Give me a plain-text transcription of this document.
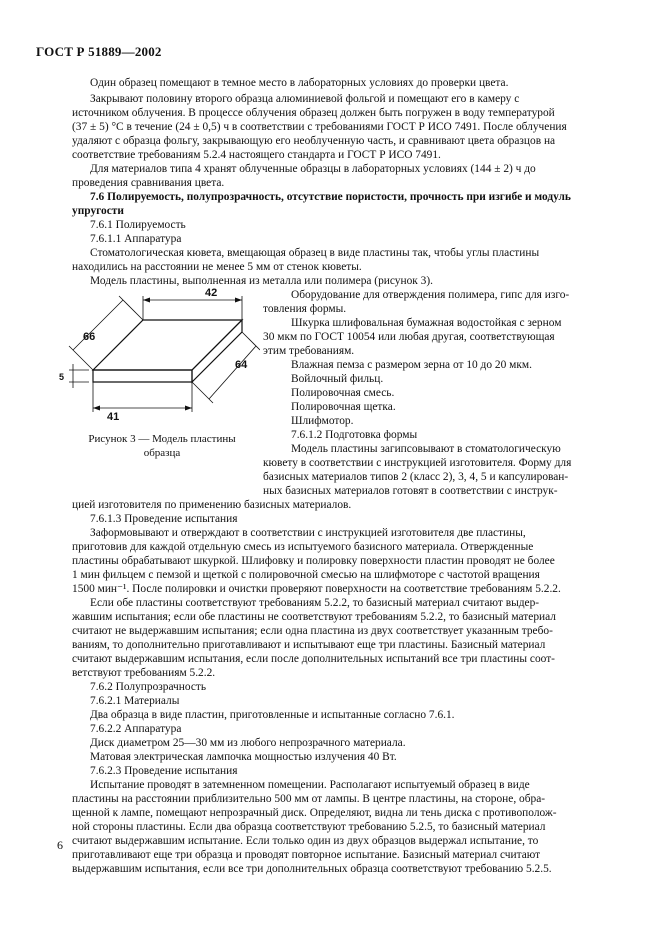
ГОСТ Р 51889—2002
Один образец помещают в темное место в лабораторных условиях до проверки цвета.
Закрывают половину второго образца алюминиевой фольгой и помещают его в камеру с
источником облучения. В процессе облучения образец должен быть погружен в воду температурой
(37 ± 5) °C в течение (24 ± 0,5) ч в соответствии с требованиями ГОСТ Р ИСО 7491. После облучения
удаляют с образца фольгу, закрывающую его необлученную часть, и сравнивают цвета образцов на
соответствие требованиям 5.2.4 настоящего стандарта и ГОСТ Р ИСО 7491.
Для материалов типа 4 хранят облученные образцы в лабораторных условиях (144 ± 2) ч до
проведения сравнивания цвета.
7.6 Полируемость, полупрозрачность, отсутствие пористости, прочность при изгибе и модуль
упругости
7.6.1 Полируемость
7.6.1.1 Аппаратура
Стоматологическая кювета, вмещающая образец в виде пластины так, чтобы углы пластины
находились на расстоянии не менее 5 мм от стенок кюветы.
Модель пластины, выполненная из металла или полимера (рисунок 3).
Оборудование для отверждения полимера, гипс для изго-
товления формы.
Шкурка шлифовальная бумажная водостойкая с зерном
30 мкм по ГОСТ 10054 или любая другая, соответствующая
этим требованиям.
Влажная пемза с размером зерна от 10 до 20 мкм.
Войлочный фильц.
Полировочная смесь.
Полировочная щетка.
Шлифмотор.
7.6.1.2 Подготовка формы
Модель пластины загипсовывают в стоматологическую
кювету в соответствии с инструкцией изготовителя. Форму для
базисных материалов типов 2 (класс 2), 3, 4, 5 и капсулирован-
ных базисных материалов готовят в соответствии с инструк-
цией изготовителя по применению базисных материалов.
7.6.1.3 Проведение испытания
Заформовывают и отверждают в соответствии с инструкцией изготовителя две пластины,
приготовив для каждой отдельную смесь из испытуемого базисного материала. Отвержденные
пластины обрабатывают шкуркой. Шлифовку и полировку поверхности пластин проводят не более
1 мин фильцем с пемзой и щеткой с полировочной смесью на шлифмоторе с частотой вращения
1500 мин⁻¹. После полировки и очистки проверяют поверхности на соответствие требованиям 5.2.2.
Если обе пластины соответствуют требованиям 5.2.2, то базисный материал считают выдер-
жавшим испытания; если обе пластины не соответствуют требованиям 5.2.2, то базисный материал
считают не выдержавшим испытания; если одна пластина из двух соответствует указанным требо-
ваниям, то дополнительно приготавливают и испытывают еще три пластины. Базисный материал
считают выдержавшим испытания, если после дополнительных испытаний все три пластины соот-
ветствуют требованиям 5.2.2.
7.6.2 Полупрозрачность
7.6.2.1 Материалы
Два образца в виде пластин, приготовленные и испытанные согласно 7.6.1.
7.6.2.2 Аппаратура
Диск диаметром 25—30 мм из любого непрозрачного материала.
Матовая электрическая лампочка мощностью излучения 40 Вт.
7.6.2.3 Проведение испытания
Испытание проводят в затемненном помещении. Располагают испытуемый образец в виде
пластины на расстоянии приблизительно 500 мм от лампы. В центре пластины, на стороне, обра-
щенной к лампе, помещают непрозрачный диск. Определяют, видна ли тень диска с противополож-
ной стороны пластины. Если два образца соответствуют требованию 5.2.5, то базисный материал
считают выдержавшим испытание. Если только один из двух образцов выдержал испытание, то
приготавливают еще три образца и проводят повторное испытание. Базисный материал считают
выдержавшим испытания, если все три дополнительных образца соответствуют требованию 5.2.5.
42
66
64
41
5
Рисунок 3 — Модель пластины
образца
6
